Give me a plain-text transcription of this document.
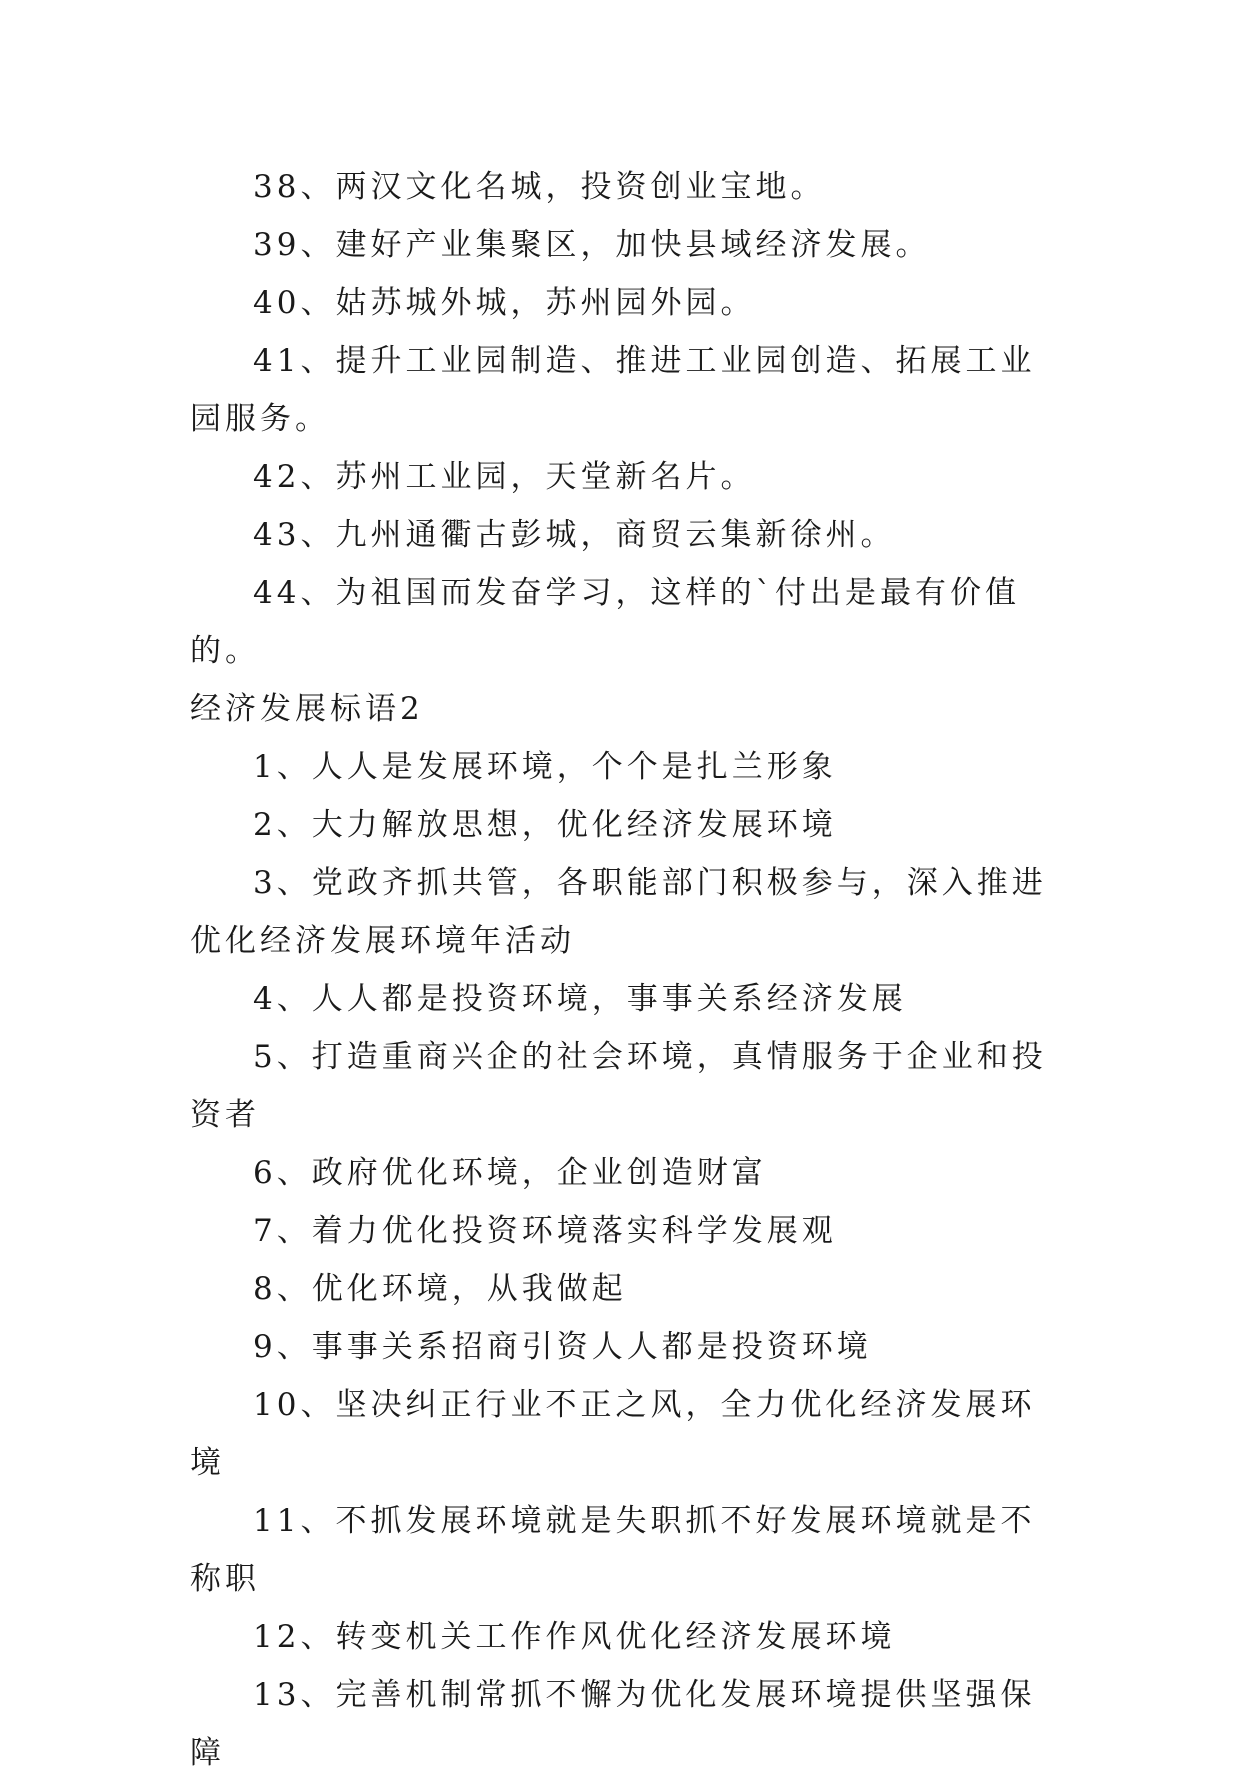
38、两汉文化名城，投资创业宝地。

39、建好产业集聚区，加快县域经济发展。

40、姑苏城外城，苏州园外园。

41、提升工业园制造、推进工业园创造、拓展工业园服务。

42、苏州工业园，天堂新名片。

43、九州通衢古彭城，商贸云集新徐州。

44、为祖国而发奋学习，这样的`付出是最有价值的。

经济发展标语2

1、人人是发展环境，个个是扎兰形象

2、大力解放思想，优化经济发展环境

3、党政齐抓共管，各职能部门积极参与，深入推进优化经济发展环境年活动

4、人人都是投资环境，事事关系经济发展

5、打造重商兴企的社会环境，真情服务于企业和投资者

6、政府优化环境，企业创造财富

7、着力优化投资环境落实科学发展观

8、优化环境，从我做起

9、事事关系招商引资人人都是投资环境

10、坚决纠正行业不正之风，全力优化经济发展环境

11、不抓发展环境就是失职抓不好发展环境就是不称职

12、转变机关工作作风优化经济发展环境

13、完善机制常抓不懈为优化发展环境提供坚强保障
